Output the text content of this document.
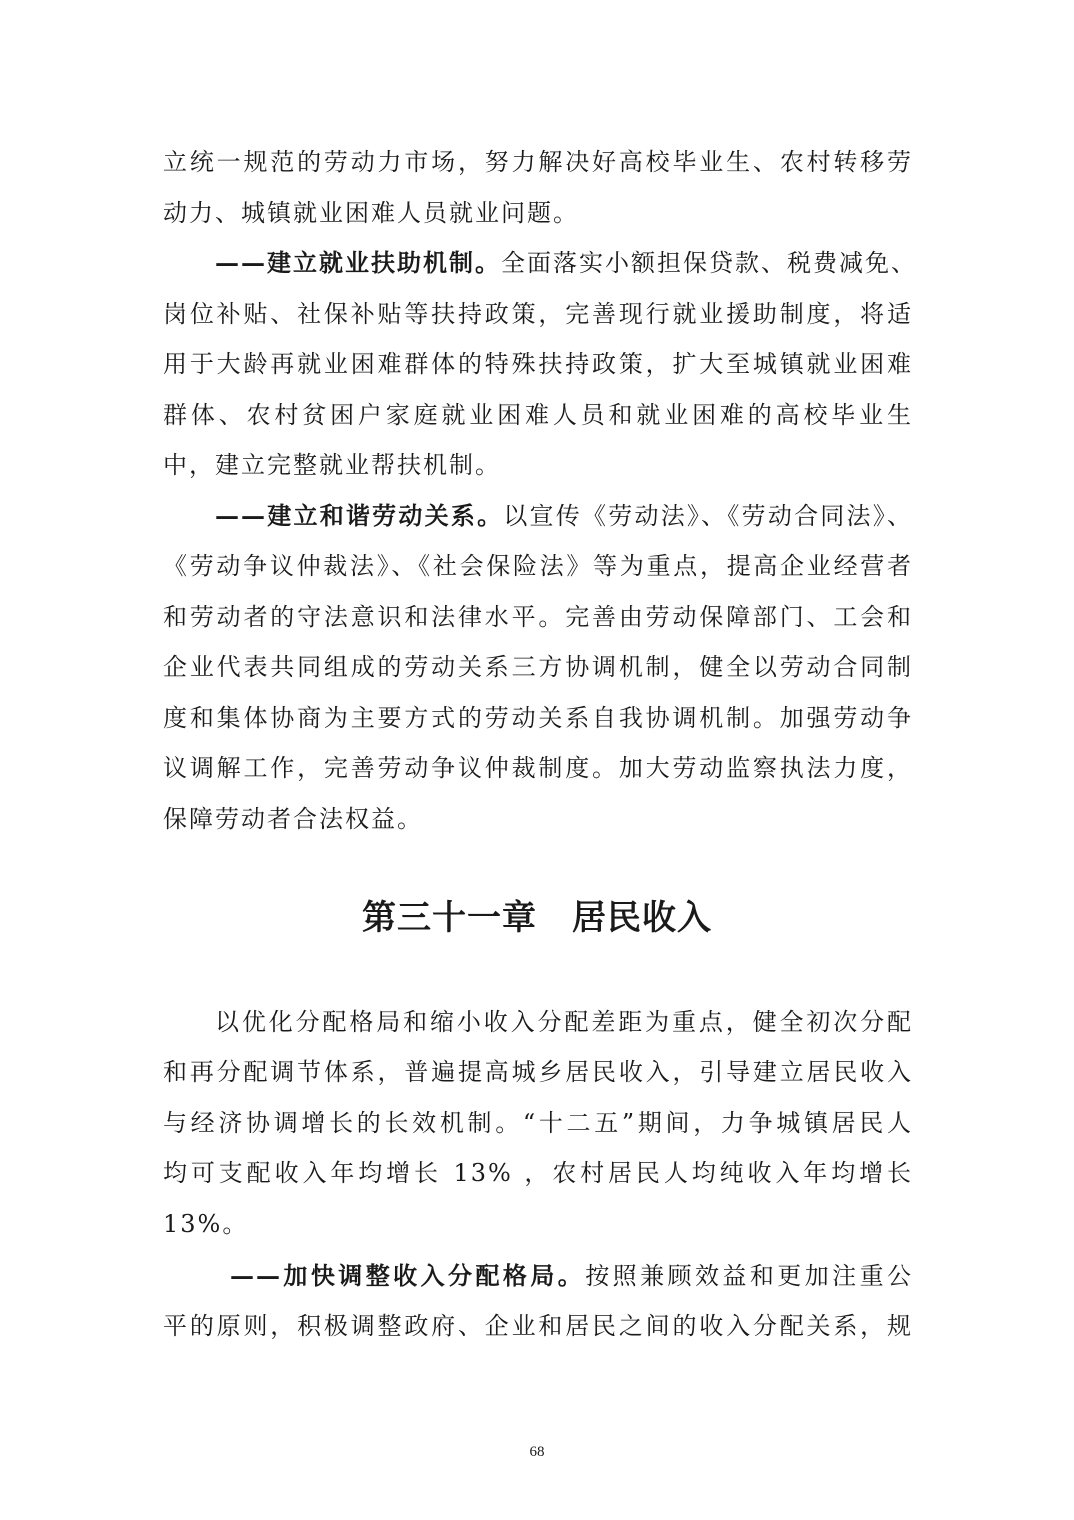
立统一规范的劳动力市场，努力解决好高校毕业生、农村转移劳
动力、城镇就业困难人员就业问题。
——建立就业扶助机制。全面落实小额担保贷款、税费减免、
岗位补贴、社保补贴等扶持政策，完善现行就业援助制度，将适
用于大龄再就业困难群体的特殊扶持政策，扩大至城镇就业困难
群体、农村贫困户家庭就业困难人员和就业困难的高校毕业生
中，建立完整就业帮扶机制。
——建立和谐劳动关系。以宣传《劳动法》、《劳动合同法》、
《劳动争议仲裁法》、《社会保险法》等为重点，提高企业经营者
和劳动者的守法意识和法律水平。完善由劳动保障部门、工会和
企业代表共同组成的劳动关系三方协调机制，健全以劳动合同制
度和集体协商为主要方式的劳动关系自我协调机制。加强劳动争
议调解工作，完善劳动争议仲裁制度。加大劳动监察执法力度，
保障劳动者合法权益。
第三十一章　居民收入
以优化分配格局和缩小收入分配差距为重点，健全初次分配
和再分配调节体系，普遍提高城乡居民收入，引导建立居民收入
与经济协调增长的长效机制。“十二五”期间，力争城镇居民人
均可支配收入年均增长 13% ，农村居民人均纯收入年均增长
13%。
——加快调整收入分配格局。按照兼顾效益和更加注重公
平的原则，积极调整政府、企业和居民之间的收入分配关系，规
68
